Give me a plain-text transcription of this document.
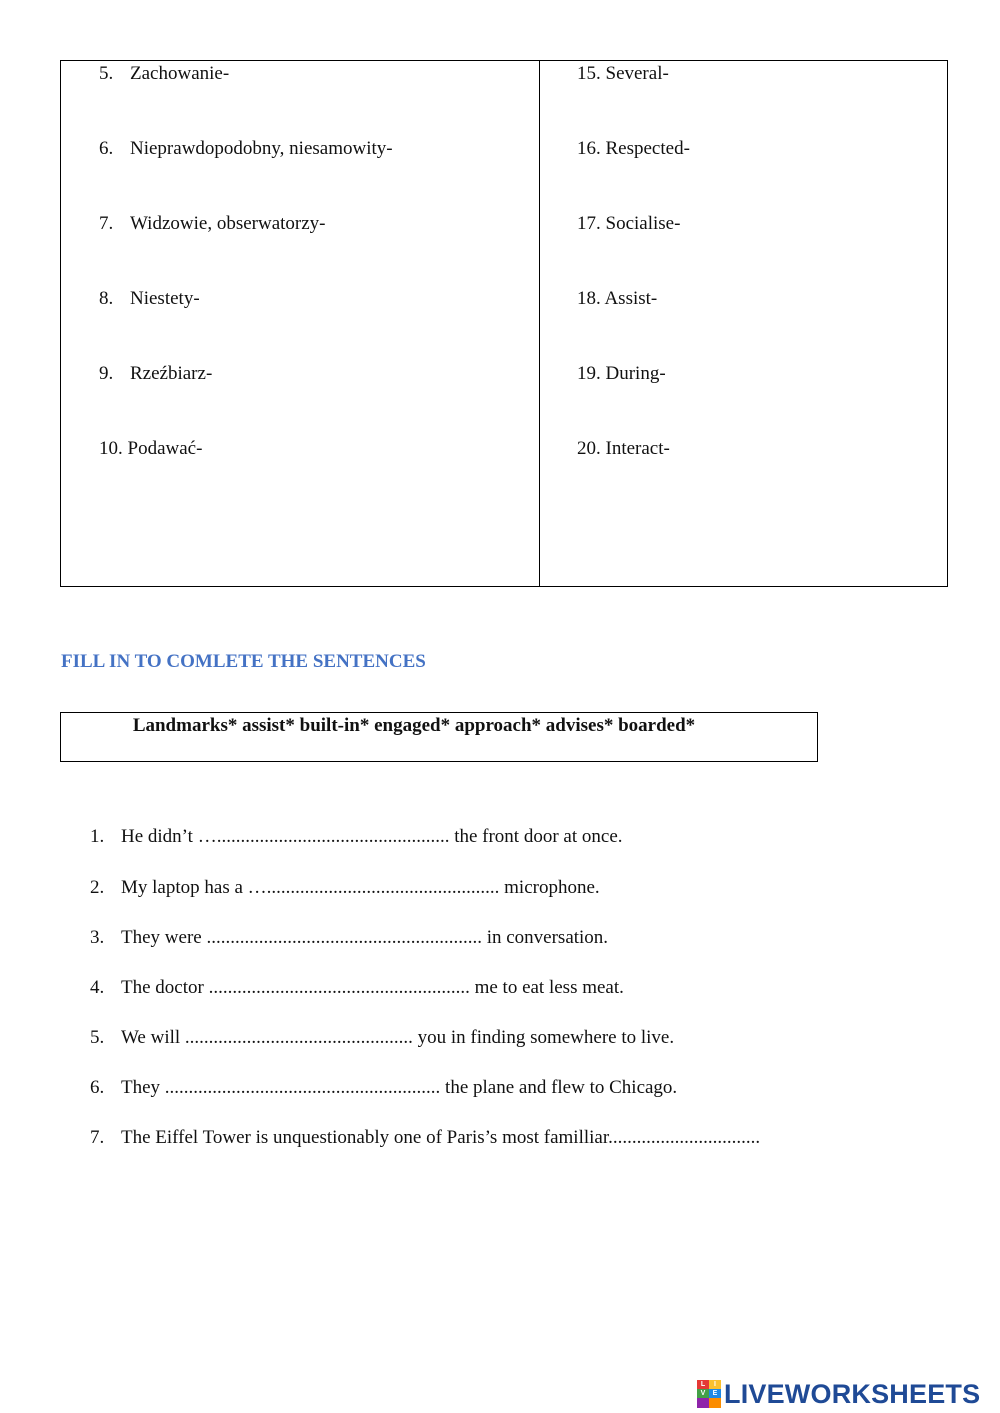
5. Zachowanie-
6. Nieprawdopodobny, niesamowity-
7. Widzowie, obserwatorzy-
8. Niestety-
9. Rzeźbiarz-
10. Podawać-
15. Several-
16. Respected-
17. Socialise-
18. Assist-
19. During-
20. Interact-
FILL IN TO COMLETE THE SENTENCES
Landmarks* assist* built-in* engaged* approach* advises* boarded*
1. He didn’t …................................................. the front door at once.
2. My laptop has a …................................................. microphone.
3. They were .......................................................... in conversation.
4. The doctor ....................................................... me to eat less meat.
5. We will ................................................ you in finding somewhere to live.
6. They .......................................................... the plane and flew to Chicago.
7. The Eiffel Tower is unquestionably one of Paris’s most familliar................................
L	I
V	E LIVEWORKSHEETS
